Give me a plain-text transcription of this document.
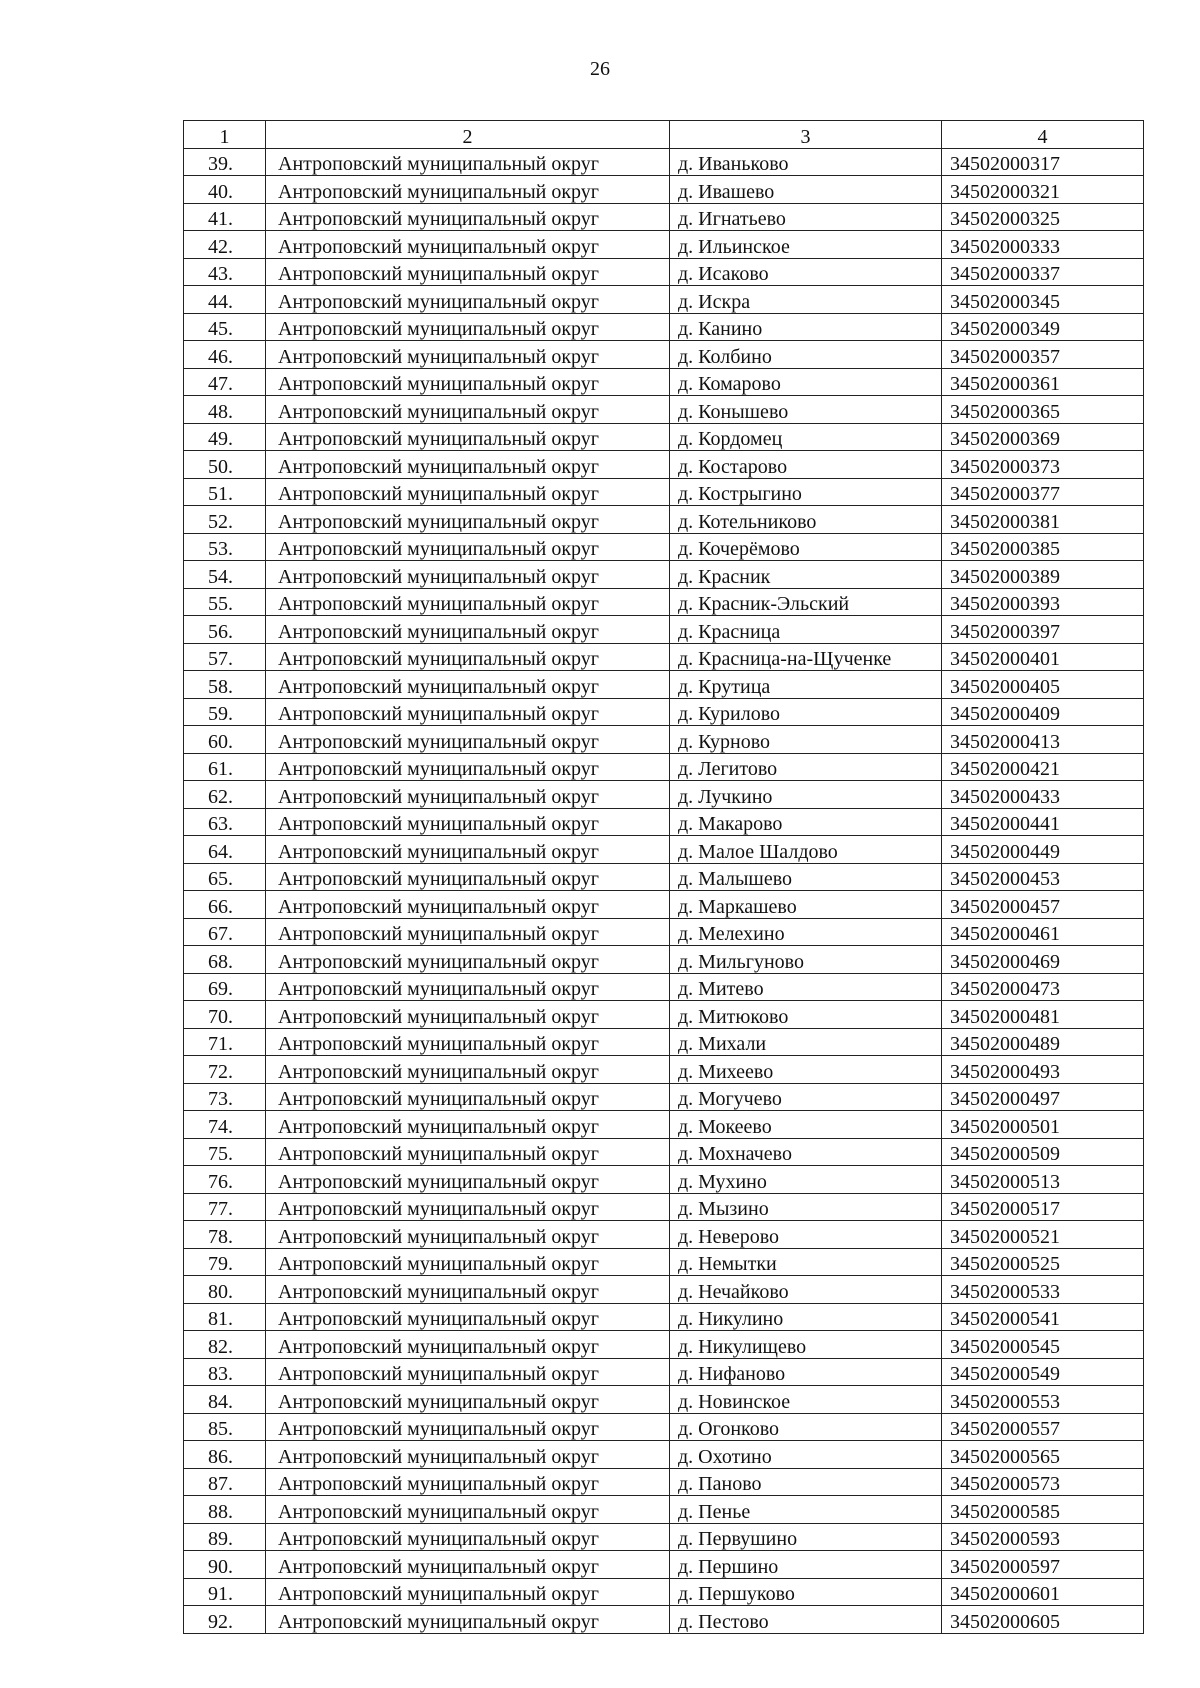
26
1	2	3	4
39.	Антроповский муниципальный округ	д. Иваньково	34502000317
40.	Антроповский муниципальный округ	д. Ивашево	34502000321
41.	Антроповский муниципальный округ	д. Игнатьево	34502000325
42.	Антроповский муниципальный округ	д. Ильинское	34502000333
43.	Антроповский муниципальный округ	д. Исаково	34502000337
44.	Антроповский муниципальный округ	д. Искра	34502000345
45.	Антроповский муниципальный округ	д. Канино	34502000349
46.	Антроповский муниципальный округ	д. Колбино	34502000357
47.	Антроповский муниципальный округ	д. Комарово	34502000361
48.	Антроповский муниципальный округ	д. Конышево	34502000365
49.	Антроповский муниципальный округ	д. Кордомец	34502000369
50.	Антроповский муниципальный округ	д. Костарово	34502000373
51.	Антроповский муниципальный округ	д. Кострыгино	34502000377
52.	Антроповский муниципальный округ	д. Котельниково	34502000381
53.	Антроповский муниципальный округ	д. Кочерёмово	34502000385
54.	Антроповский муниципальный округ	д. Красник	34502000389
55.	Антроповский муниципальный округ	д. Красник-Эльский	34502000393
56.	Антроповский муниципальный округ	д. Красница	34502000397
57.	Антроповский муниципальный округ	д. Красница-на-Щученке	34502000401
58.	Антроповский муниципальный округ	д. Крутица	34502000405
59.	Антроповский муниципальный округ	д. Курилово	34502000409
60.	Антроповский муниципальный округ	д. Курново	34502000413
61.	Антроповский муниципальный округ	д. Легитово	34502000421
62.	Антроповский муниципальный округ	д. Лучкино	34502000433
63.	Антроповский муниципальный округ	д. Макарово	34502000441
64.	Антроповский муниципальный округ	д. Малое Шалдово	34502000449
65.	Антроповский муниципальный округ	д. Малышево	34502000453
66.	Антроповский муниципальный округ	д. Маркашево	34502000457
67.	Антроповский муниципальный округ	д. Мелехино	34502000461
68.	Антроповский муниципальный округ	д. Мильгуново	34502000469
69.	Антроповский муниципальный округ	д. Митево	34502000473
70.	Антроповский муниципальный округ	д. Митюково	34502000481
71.	Антроповский муниципальный округ	д. Михали	34502000489
72.	Антроповский муниципальный округ	д. Михеево	34502000493
73.	Антроповский муниципальный округ	д. Могучево	34502000497
74.	Антроповский муниципальный округ	д. Мокеево	34502000501
75.	Антроповский муниципальный округ	д. Мохначево	34502000509
76.	Антроповский муниципальный округ	д. Мухино	34502000513
77.	Антроповский муниципальный округ	д. Мызино	34502000517
78.	Антроповский муниципальный округ	д. Неверово	34502000521
79.	Антроповский муниципальный округ	д. Немытки	34502000525
80.	Антроповский муниципальный округ	д. Нечайково	34502000533
81.	Антроповский муниципальный округ	д. Никулино	34502000541
82.	Антроповский муниципальный округ	д. Никулищево	34502000545
83.	Антроповский муниципальный округ	д. Нифаново	34502000549
84.	Антроповский муниципальный округ	д. Новинское	34502000553
85.	Антроповский муниципальный округ	д. Огонково	34502000557
86.	Антроповский муниципальный округ	д. Охотино	34502000565
87.	Антроповский муниципальный округ	д. Паново	34502000573
88.	Антроповский муниципальный округ	д. Пенье	34502000585
89.	Антроповский муниципальный округ	д. Первушино	34502000593
90.	Антроповский муниципальный округ	д. Першино	34502000597
91.	Антроповский муниципальный округ	д. Першуково	34502000601
92.	Антроповский муниципальный округ	д. Пестово	34502000605
